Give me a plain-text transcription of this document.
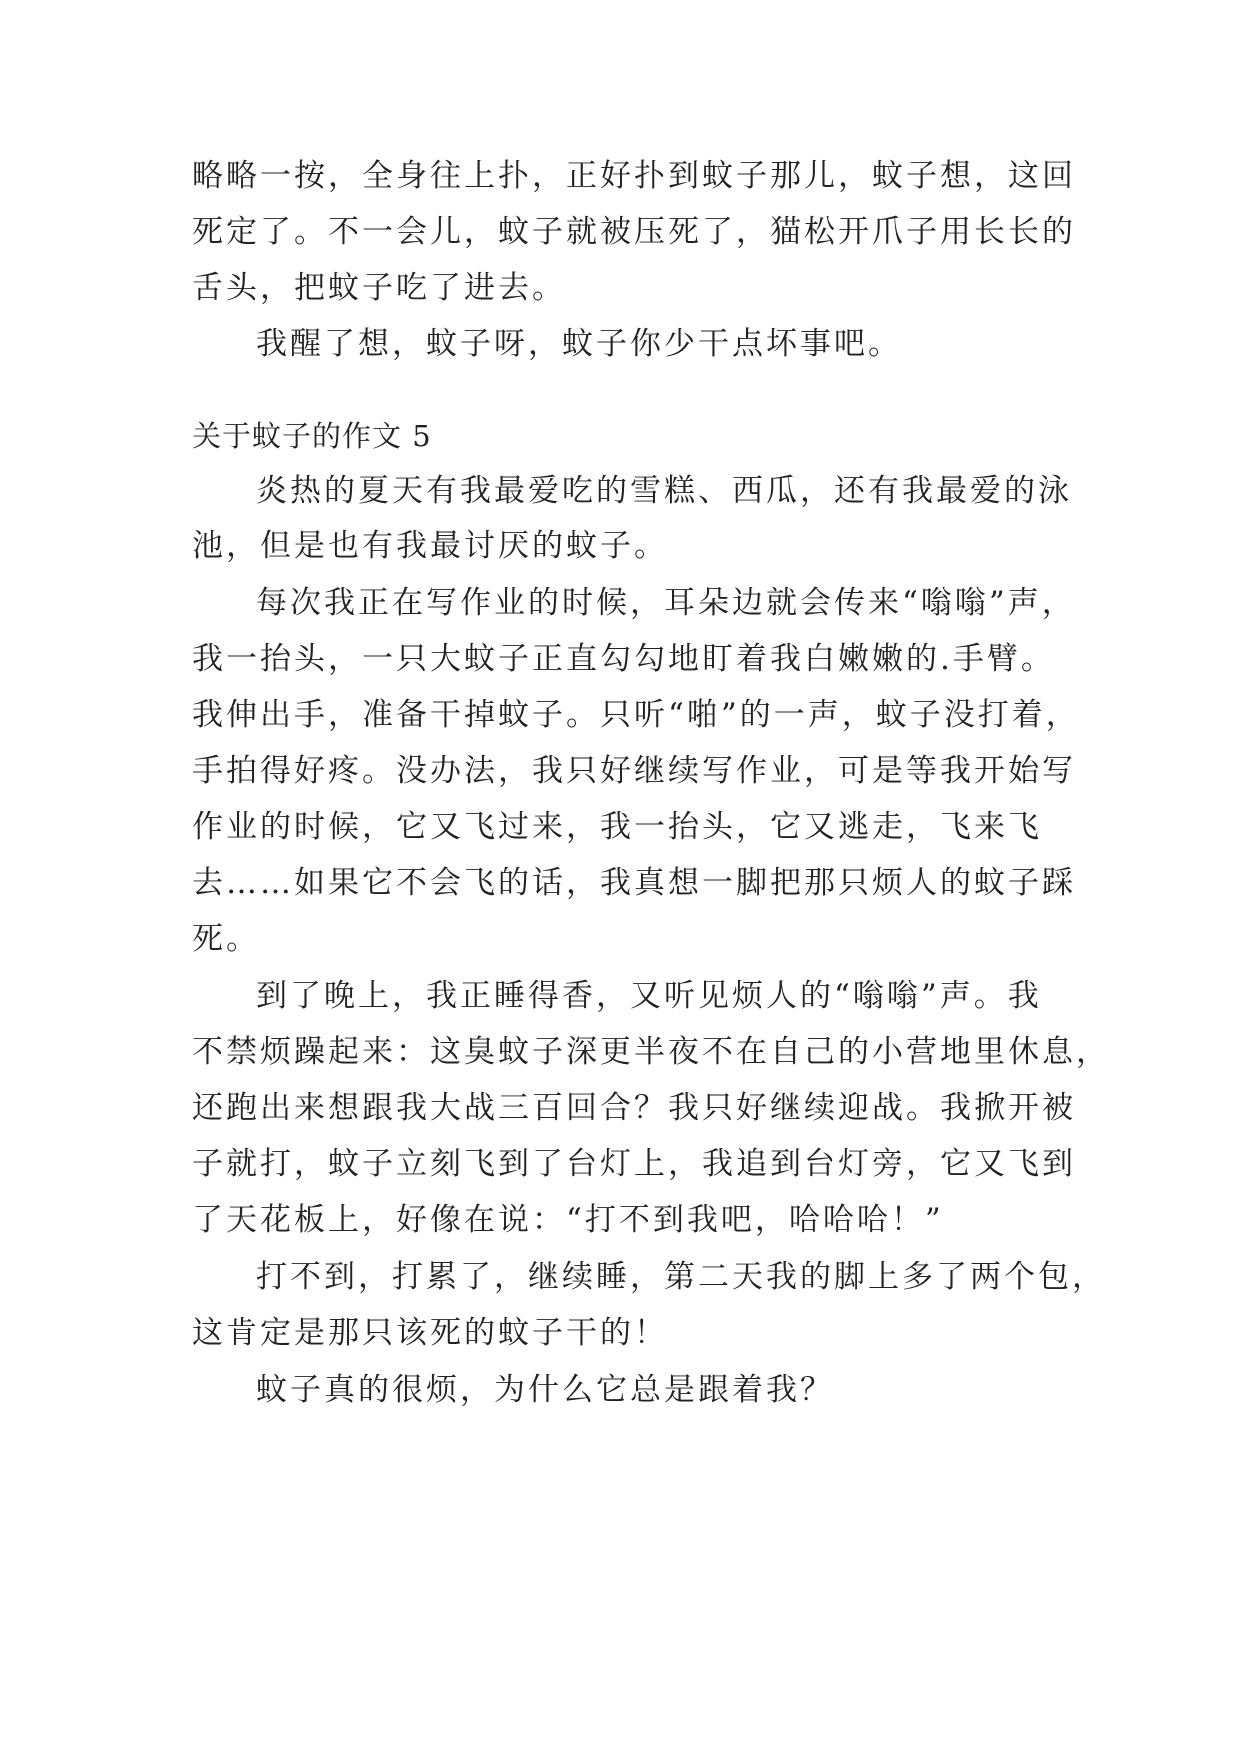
略略一按，全身往上扑，正好扑到蚊子那儿，蚊子想，这回
死定了。不一会儿，蚊子就被压死了，猫松开爪子用长长的
舌头，把蚊子吃了进去。
我醒了想，蚊子呀，蚊子你少干点坏事吧。
关于蚊子的作文 5
炎热的夏天有我最爱吃的雪糕、西瓜，还有我最爱的泳
池，但是也有我最讨厌的蚊子。
每次我正在写作业的时候，耳朵边就会传来“嗡嗡”声，
我一抬头，一只大蚊子正直勾勾地盯着我白嫩嫩的.手臂。
我伸出手，准备干掉蚊子。只听“啪”的一声，蚊子没打着，
手拍得好疼。没办法，我只好继续写作业，可是等我开始写
作业的时候，它又飞过来，我一抬头，它又逃走，飞来飞
去……如果它不会飞的话，我真想一脚把那只烦人的蚊子踩
死。
到了晚上，我正睡得香，又听见烦人的“嗡嗡”声。我
不禁烦躁起来：这臭蚊子深更半夜不在自己的小营地里休息，
还跑出来想跟我大战三百回合？我只好继续迎战。我掀开被
子就打，蚊子立刻飞到了台灯上，我追到台灯旁，它又飞到
了天花板上，好像在说：“打不到我吧，哈哈哈！”
打不到，打累了，继续睡，第二天我的脚上多了两个包，
这肯定是那只该死的蚊子干的！
蚊子真的很烦，为什么它总是跟着我？
